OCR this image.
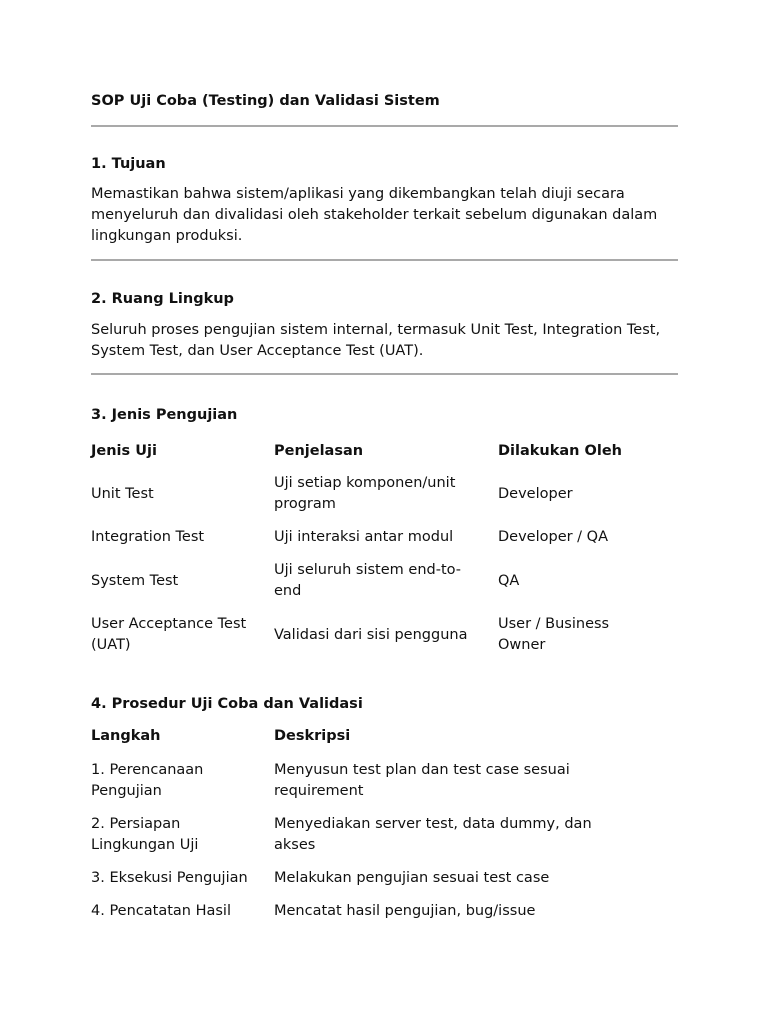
SOP Uji Coba (Testing) dan Validasi Sistem
1. Tujuan

Memastikan bahwa sistem/aplikasi yang dikembangkan telah diuji secara menyeluruh dan divalidasi oleh stakeholder terkait sebelum digunakan dalam lingkungan produksi.

2. Ruang Lingkup

Seluruh proses pengujian sistem internal, termasuk Unit Test, Integration Test, System Test, dan User Acceptance Test (UAT).

3. Jenis Pengujian
Jenis Uji	Penjelasan	Dilakukan Oleh
Unit Test	Uji setiap komponen/unit program	Developer
Integration Test	Uji interaksi antar modul	Developer / QA
System Test	Uji seluruh sistem end-to-end	QA
User Acceptance Test (UAT)	Validasi dari sisi pengguna	User / Business Owner
4. Prosedur Uji Coba dan Validasi
Langkah	Deskripsi
1. Perencanaan Pengujian	Menyusun test plan dan test case sesuai requirement
2. Persiapan Lingkungan Uji	Menyediakan server test, data dummy, dan akses
3. Eksekusi Pengujian	Melakukan pengujian sesuai test case
4. Pencatatan Hasil	Mencatat hasil pengujian, bug/issue
